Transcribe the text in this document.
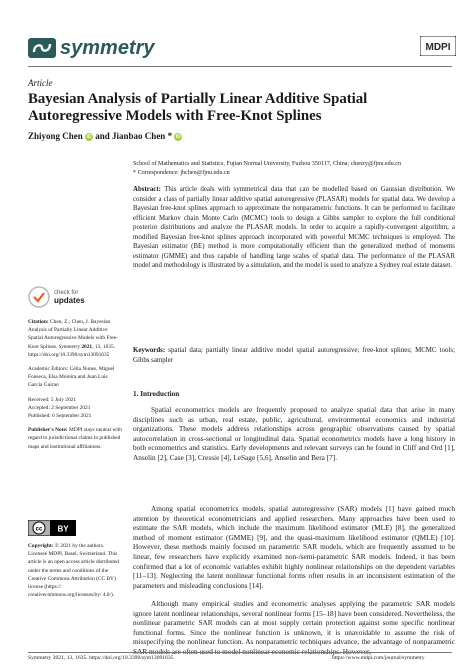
symmetry	MDPI
Article
Bayesian Analysis of Partially Linear Additive Spatial Autoregressive Models with Free-Knot Splines
Zhiyong Chen iD and Jianbao Chen * iD
School of Mathematics and Statistics, Fujian Normal University, Fuzhou 350117, China; chenzy@fjnu.edu.cn
* Correspondence: jbchen@fjnu.edu.cn
Abstract: This article deals with symmetrical data that can be modelled based on Gaussian distribution. We consider a class of partially linear additive spatial autoregressive (PLASAR) models for spatial data. We develop a Bayesian free-knot splines approach to approximate the nonparametric functions. It can be performed to facilitate efficient Markov chain Monte Carlo (MCMC) tools to design a Gibbs sampler to explore the full conditional posterior distributions and analyze the PLASAR models. In order to acquire a rapidly-convergent algorithm, a modified Bayesian free-knot splines approach incorporated with powerful MCMC techniques is employed. The Bayesian estimator (BE) method is more computationally efficient than the generalized method of moments estimator (GMME) and thus capable of handling large scales of spatial data. The performance of the PLASAR model and methodology is illustrated by a simulation, and the model is used to analyze a Sydney real estate dataset.
Keywords: spatial data; partially linear additive model spatial autoregressive; free-knot splines; MCMC tools; Gibbs sampler
check for
updates

Citation: Chen, Z.; Chen, J. Bayesian Analysis of Partially Linear Additive Spatial Autoregressive Models with Free-Knot Splines. Symmetry 2021, 13, 1635. https://doi.org/10.3390/sym13091635

Academic Editors: Célia Nunes, Miguel Fonseca, Elsa Moreira and Juan Luis García Guirao

Received: 5 July 2021
Accepted: 2 September 2021
Published: 6 September 2021

Publisher's Note: MDPI stays neutral with regard to jurisdictional claims in published maps and institutional affiliations.

cc BY
Copyright: © 2021 by the authors. Licensee MDPI, Basel, Switzerland. This article is an open access article distributed under the terms and conditions of the Creative Commons Attribution (CC BY) license (https:// creativecommons.org/licenses/by/ 4.0/).
1. Introduction
Spatial econometrics models are frequently proposed to analyze spatial data that arise in many disciplines such as urban, real estate, public, agricultural, environmental economics and industrial organizations. These models address relationships across geographic observations caused by spatial autocorrelation in cross-sectional or longitudinal data. Spatial econometrics models have a long history in both econometrics and statistics. Early developments and relevant surveys can be found in Cliff and Ord [1], Anselin [2], Case [3], Cressie [4], LeSage [5,6], Anselin and Bera [7].
Among spatial econometrics models, spatial autoregressive (SAR) models [1] have gained much attention by theoretical econometricians and applied researchers. Many approaches have been used to estimate the SAR models, which include the maximum likelihood estimator (MLE) [8], the generalized method of moment estimator (GMME) [9], and the quasi-maximum likelihood estimator (QMLE) [10]. However, these methods mainly focused on parametric SAR models, which are frequently assumed to be linear, few researchers have explicitly examined non-/semi-parametric SAR models. Indeed, it has been confirmed that a lot of economic variables exhibit highly nonlinear relationships on the dependent variables [11–13]. Neglecting the latent nonlinear functional forms often results in an inconsistent estimation of the parameters and misleading conclusions [14].
Although many empirical studies and econometric analyses applying the parametric SAR models ignore latent nonlinear relationships, several nonlinear forms [15–18] have been considered. Nevertheless, the nonlinear parametric SAR models can at most supply certain protection against some specific nonlinear functional forms. Since the nonlinear function is unknown, it is unavoidable to assume the risk of misspecifying the nonlinear function. As nonparametric techniques advance, the advantage of nonparametric
Symmetry 2021, 13, 1635. https://doi.org/10.3390/sym13091635	https://www.mdpi.com/journal/symmetry
